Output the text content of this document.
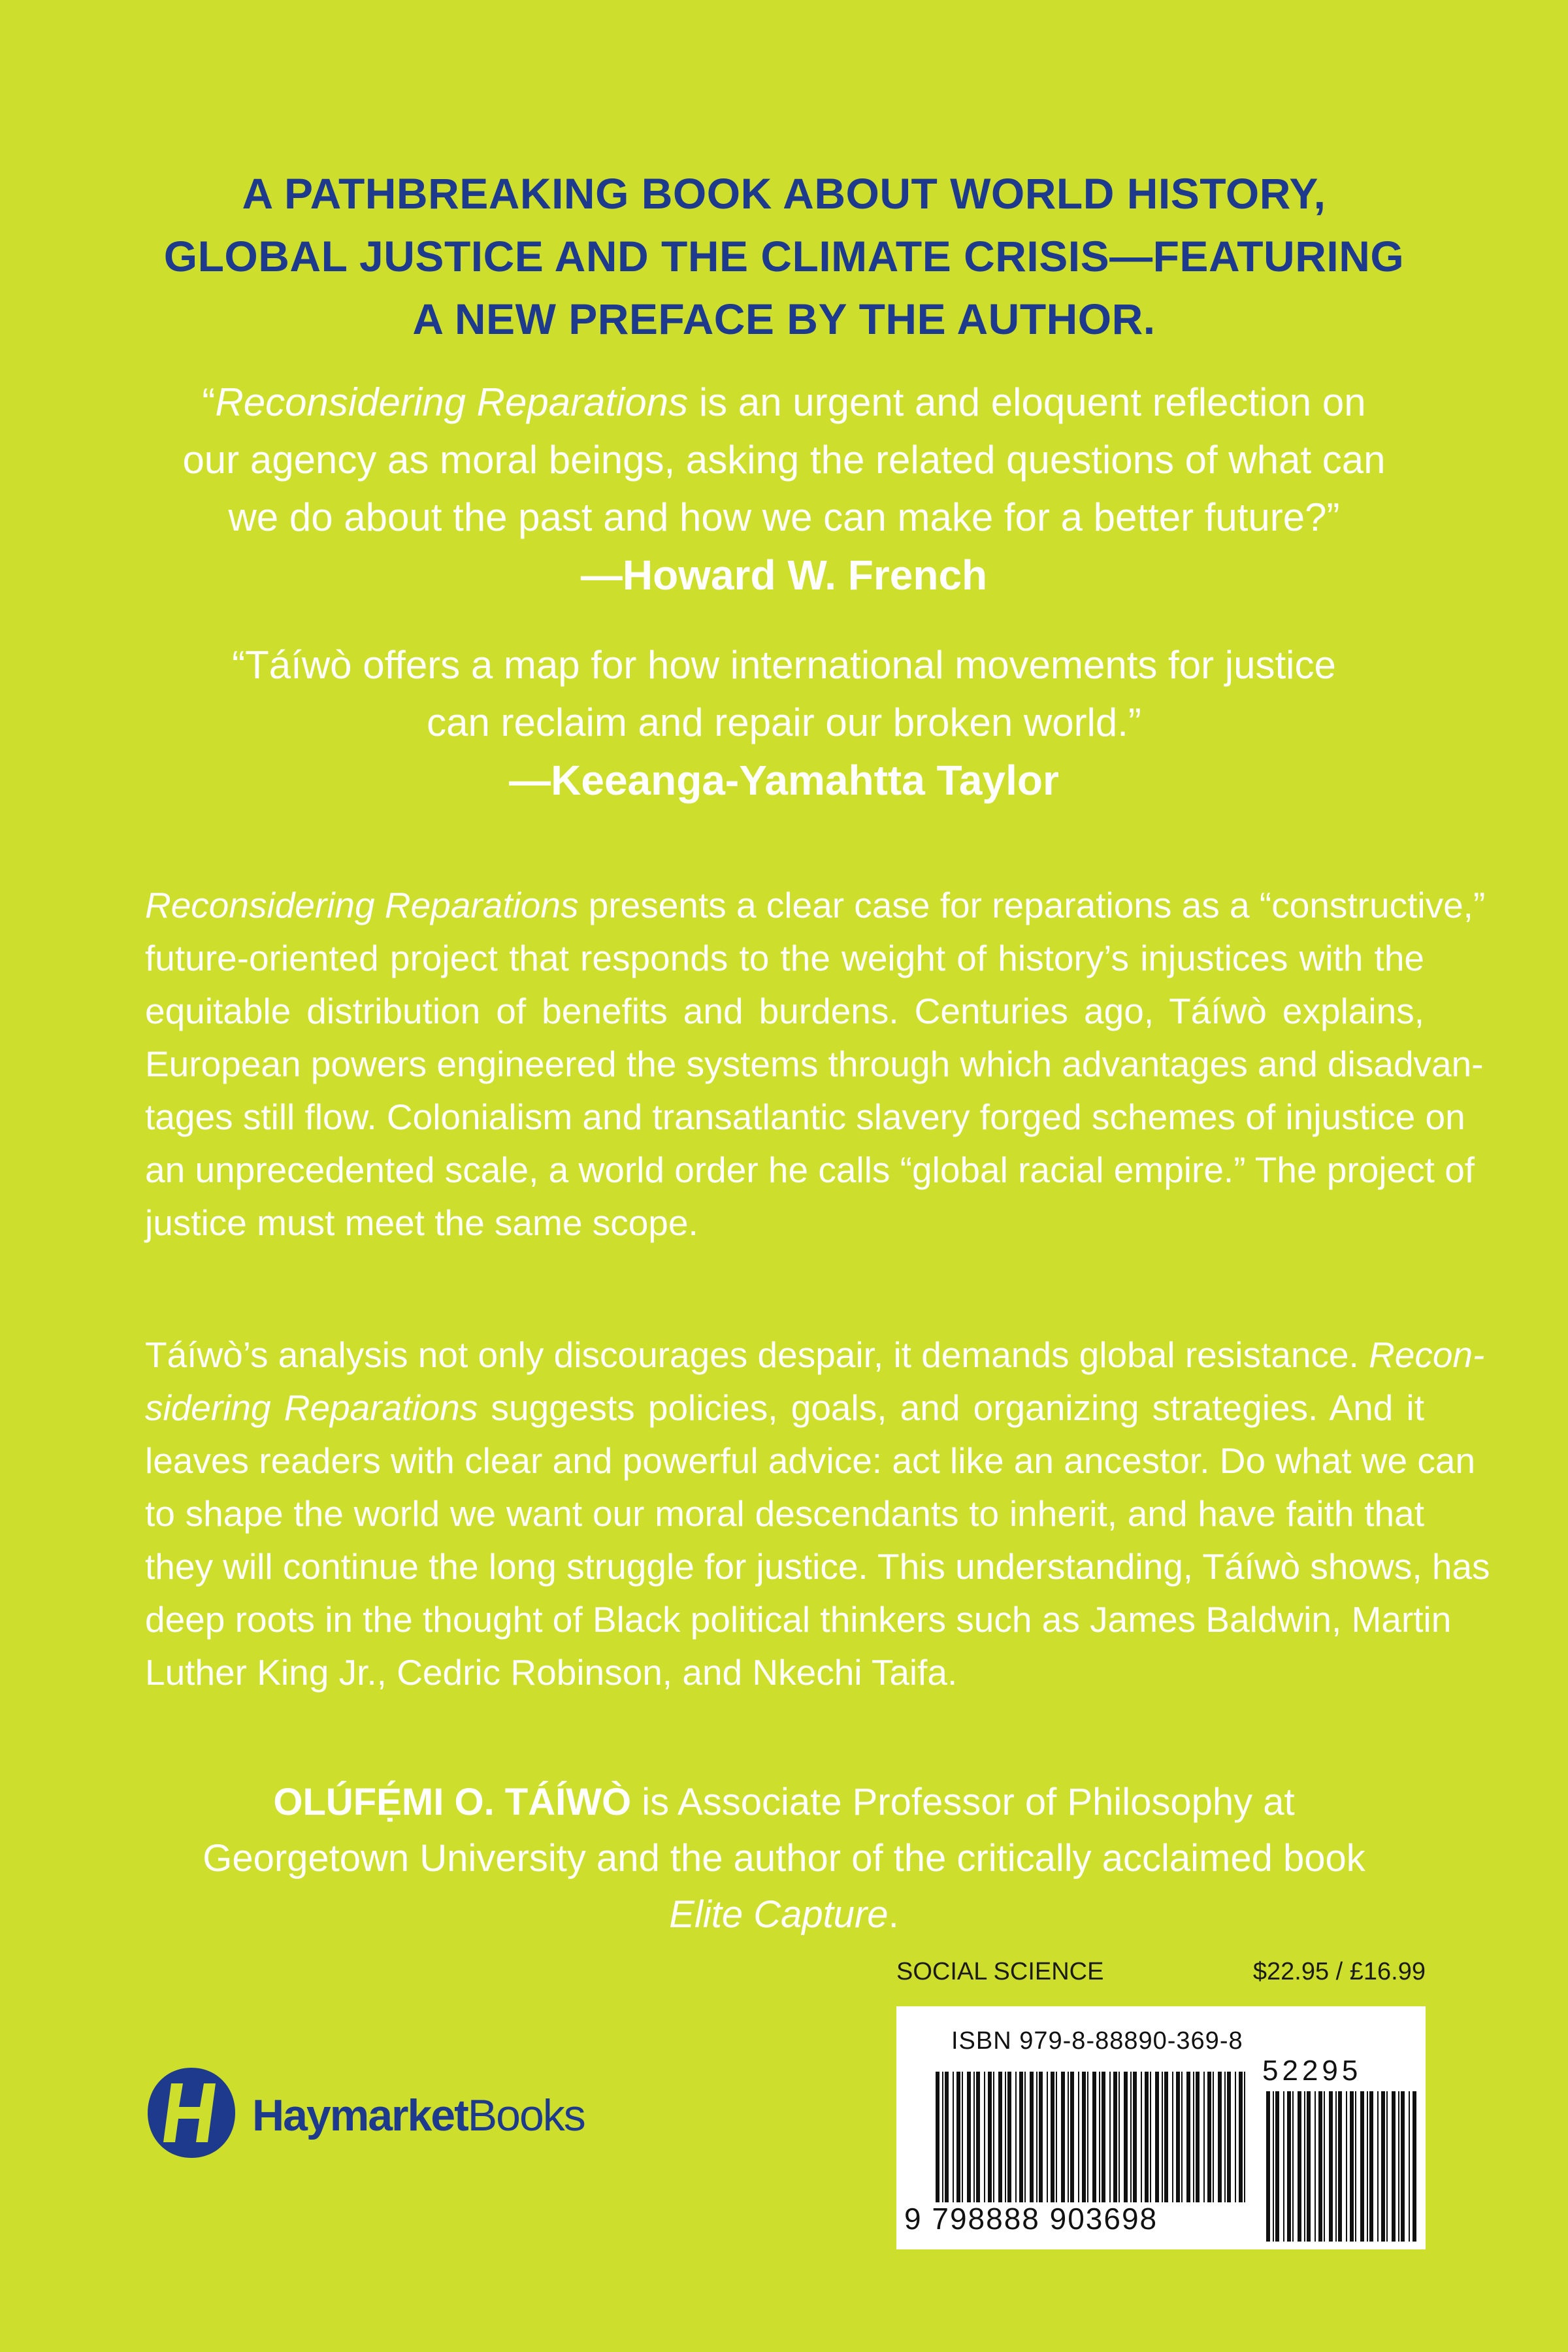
A PATHBREAKING BOOK ABOUT WORLD HISTORY,
GLOBAL JUSTICE AND THE CLIMATE CRISIS—FEATURING
A NEW PREFACE BY THE AUTHOR.
“Reconsidering Reparations is an urgent and eloquent reflection on
our agency as moral beings, asking the related questions of what can
we do about the past and how we can make for a better future?”
—Howard W. French
“Táíwò offers a map for how international movements for justice
can reclaim and repair our broken world.”
—Keeanga-Yamahtta Taylor
Reconsidering Reparations presents a clear case for reparations as a “constructive,”
future-oriented project that responds to the weight of history’s injustices with the
equitable distribution of benefits and burdens. Centuries ago, Táíwò explains,
European powers engineered the systems through which advantages and disadvan-
tages still flow. Colonialism and transatlantic slavery forged schemes of injustice on
an unprecedented scale, a world order he calls “global racial empire.” The project of
justice must meet the same scope.
Táíwò’s analysis not only discourages despair, it demands global resistance. Recon-
sidering Reparations suggests policies, goals, and organizing strategies. And it
leaves readers with clear and powerful advice: act like an ancestor. Do what we can
to shape the world we want our moral descendants to inherit, and have faith that
they will continue the long struggle for justice. This understanding, Táíwò shows, has
deep roots in the thought of Black political thinkers such as James Baldwin, Martin
Luther King Jr., Cedric Robinson, and Nkechi Taifa.
OLÚFẸ́MI O. TÁÍWÒ is Associate Professor of Philosophy at
Georgetown University and the author of the critically acclaimed book
Elite Capture.
SOCIAL SCIENCE	$22.95 / £16.99
HaymarketBooks
ISBN 979-8-88890-369-8
52295
9 798888 903698
